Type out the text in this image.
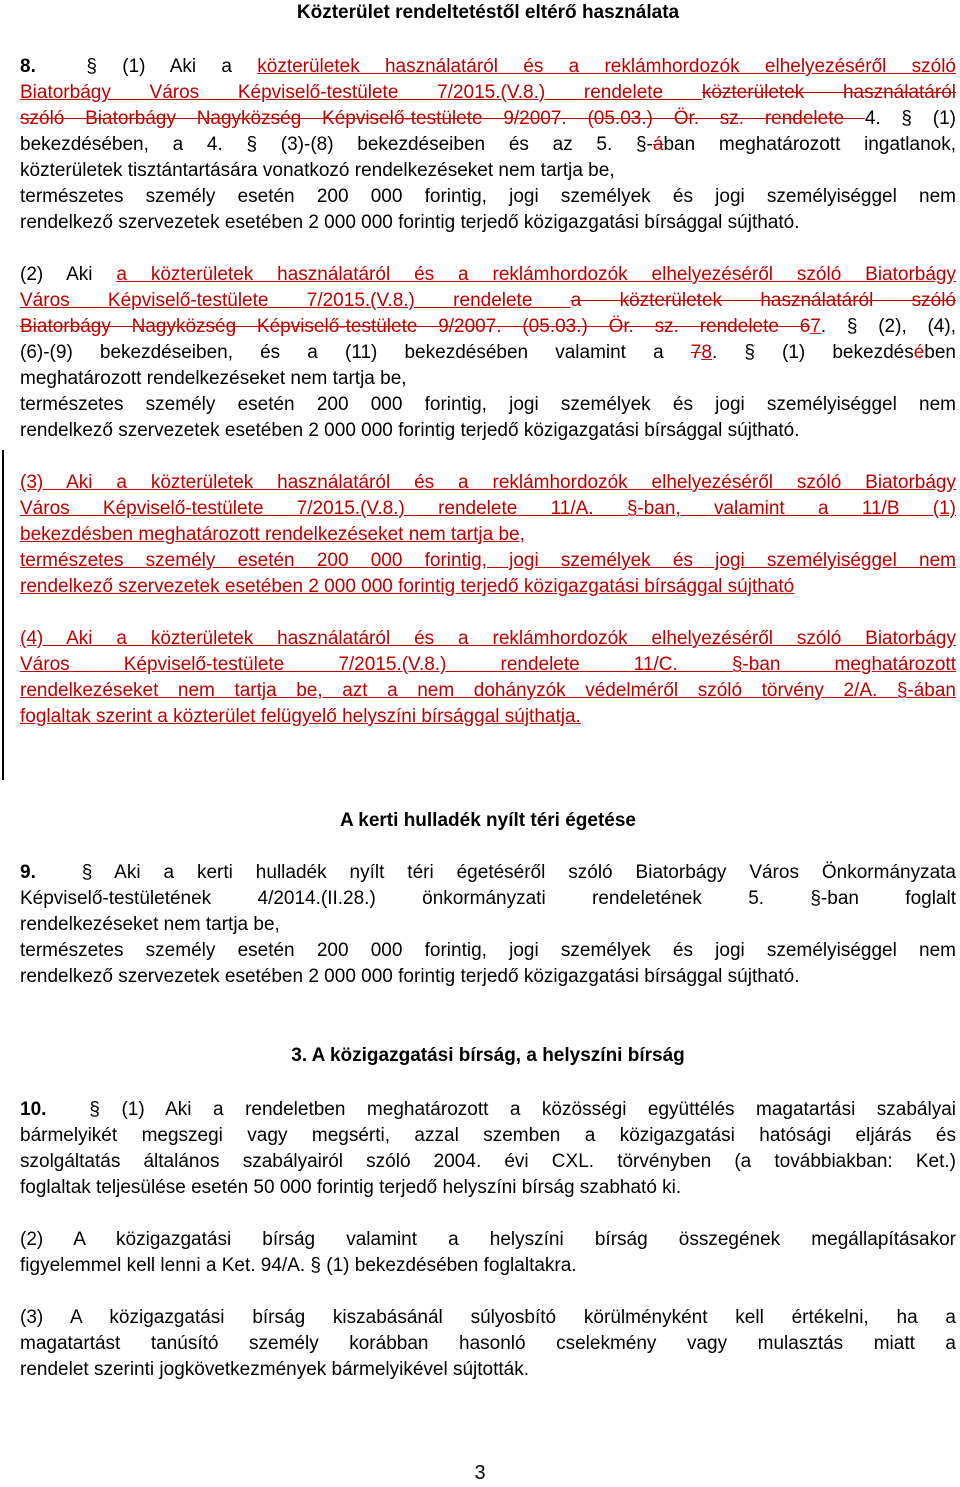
Közterület rendeltetéstől eltérő használata
8.	§ (1) Aki a közterületek használatáról és a reklámhordozók elhelyezéséről szóló
Biatorbágy Város Képviselő-testülete 7/2015.(V.8.) rendelete közterületek használatáról
szóló Biatorbágy Nagyközség Képviselő-testülete 9/2007. (05.03.) Ör. sz. rendelete 4. § (1)
bekezdésében, a 4. § (3)-(8) bekezdéseiben és az 5. §-ában meghatározott ingatlanok,
közterületek tisztántartására vonatkozó rendelkezéseket nem tartja be,
természetes személy esetén 200 000 forintig, jogi személyek és jogi személyiséggel nem
rendelkező szervezetek esetében 2 000 000 forintig terjedő közigazgatási bírsággal sújtható.
(2) Aki a közterületek használatáról és a reklámhordozók elhelyezéséről szóló Biatorbágy
Város Képviselő-testülete 7/2015.(V.8.) rendelete a közterületek használatáról szóló
Biatorbágy Nagyközség Képviselő-testülete 9/2007. (05.03.) Ör. sz. rendelete 67. § (2), (4),
(6)-(9) bekezdéseiben, és a (11) bekezdésében valamint a 78. § (1) bekezdésében
meghatározott rendelkezéseket nem tartja be,
természetes személy esetén 200 000 forintig, jogi személyek és jogi személyiséggel nem
rendelkező szervezetek esetében 2 000 000 forintig terjedő közigazgatási bírsággal sújtható.
(3) Aki a közterületek használatáról és a reklámhordozók elhelyezéséről szóló Biatorbágy
Város Képviselő-testülete 7/2015.(V.8.) rendelete 11/A. §-ban, valamint a 11/B (1)
bekezdésben meghatározott rendelkezéseket nem tartja be,
természetes személy esetén 200 000 forintig, jogi személyek és jogi személyiséggel nem
rendelkező szervezetek esetében 2 000 000 forintig terjedő közigazgatási bírsággal sújtható
(4) Aki a közterületek használatáról és a reklámhordozók elhelyezéséről szóló Biatorbágy
Város Képviselő-testülete 7/2015.(V.8.) rendelete 11/C. §-ban meghatározott
rendelkezéseket nem tartja be, azt a nem dohányzók védelméről szóló törvény 2/A. §-ában
foglaltak szerint a közterület felügyelő helyszíni bírsággal sújthatja.
A kerti hulladék nyílt téri égetése
9. § Aki a kerti hulladék nyílt téri égetéséről szóló Biatorbágy Város Önkormányzata
Képviselő-testületének 4/2014.(II.28.) önkormányzati rendeletének 5. §-ban foglalt
rendelkezéseket nem tartja be,
természetes személy esetén 200 000 forintig, jogi személyek és jogi személyiséggel nem
rendelkező szervezetek esetében 2 000 000 forintig terjedő közigazgatási bírsággal sújtható.
3. A közigazgatási bírság, a helyszíni bírság
10. § (1) Aki a rendeletben meghatározott a közösségi együttélés magatartási szabályai
bármelyikét megszegi vagy megsérti, azzal szemben a közigazgatási hatósági eljárás és
szolgáltatás általános szabályairól szóló 2004. évi CXL. törvényben (a továbbiakban: Ket.)
foglaltak teljesülése esetén 50 000 forintig terjedő helyszíni bírság szabható ki.
(2) A közigazgatási bírság valamint a helyszíni bírság összegének megállapításakor
figyelemmel kell lenni a Ket. 94/A. § (1) bekezdésében foglaltakra.
(3) A közigazgatási bírság kiszabásánál súlyosbító körülményként kell értékelni, ha a
magatartást tanúsító személy korábban hasonló cselekmény vagy mulasztás miatt a
rendelet szerinti jogkövetkezmények bármelyikével sújtották.
3
